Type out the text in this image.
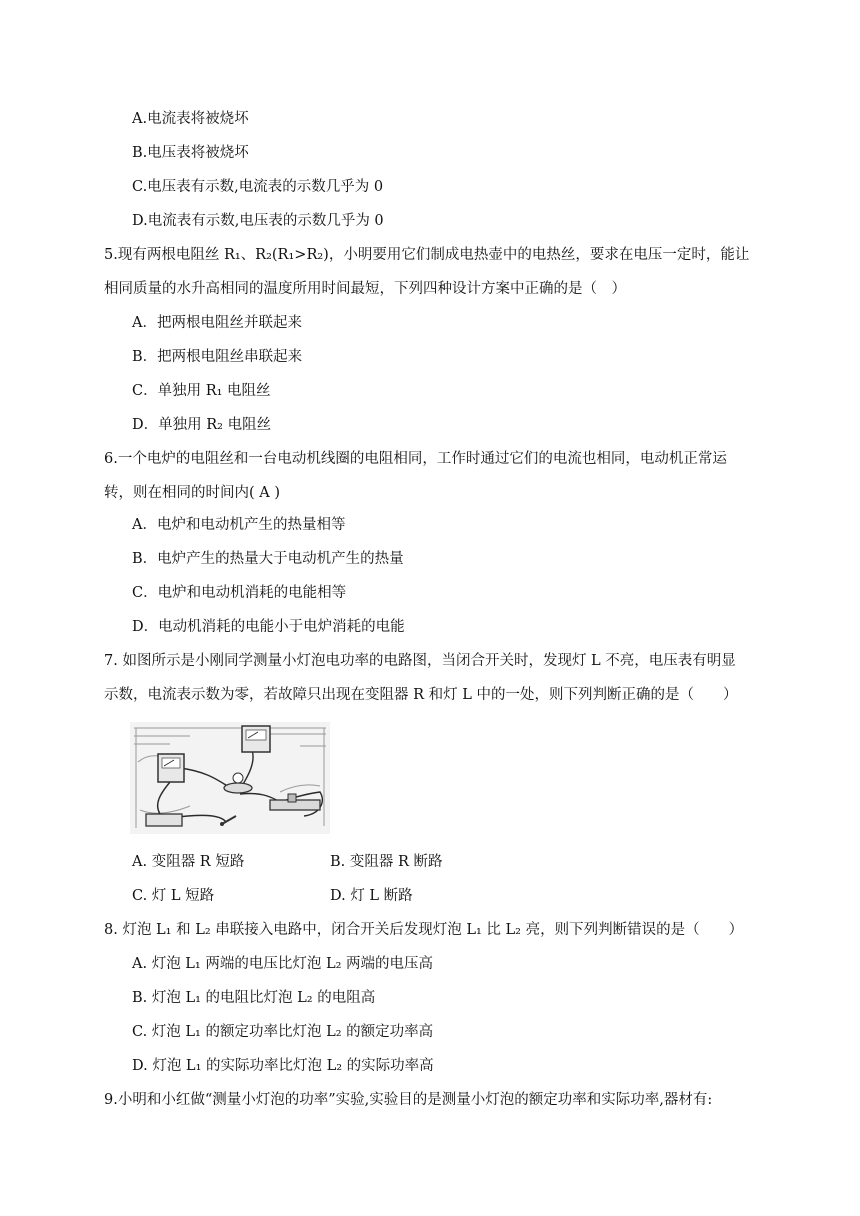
A.电流表将被烧坏
B.电压表将被烧坏
C.电压表有示数,电流表的示数几乎为 0
D.电流表有示数,电压表的示数几乎为 0
5.现有两根电阻丝 R₁、R₂(R₁>R₂)，小明要用它们制成电热壶中的电热丝，要求在电压一定时，能让
相同质量的水升高相同的温度所用时间最短，下列四种设计方案中正确的是（　）
A．把两根电阻丝并联起来
B．把两根电阻丝串联起来
C．单独用 R₁ 电阻丝
D．单独用 R₂ 电阻丝
6.一个电炉的电阻丝和一台电动机线圈的电阻相同，工作时通过它们的电流也相同，电动机正常运
转，则在相同的时间内( A )
A．电炉和电动机产生的热量相等
B．电炉产生的热量大于电动机产生的热量
C．电炉和电动机消耗的电能相等
D．电动机消耗的电能小于电炉消耗的电能
7. 如图所示是小刚同学测量小灯泡电功率的电路图，当闭合开关时，发现灯 L 不亮，电压表有明显
示数，电流表示数为零，若故障只出现在变阻器 R 和灯 L 中的一处，则下列判断正确的是（　　）
A. 变阻器 R 短路	B. 变阻器 R 断路
C. 灯 L 短路	D. 灯 L 断路
8. 灯泡 L₁ 和 L₂ 串联接入电路中，闭合开关后发现灯泡 L₁ 比 L₂ 亮，则下列判断错误的是（　　）
A. 灯泡 L₁ 两端的电压比灯泡 L₂ 两端的电压高
B. 灯泡 L₁ 的电阻比灯泡 L₂ 的电阻高
C. 灯泡 L₁ 的额定功率比灯泡 L₂ 的额定功率高
D. 灯泡 L₁ 的实际功率比灯泡 L₂ 的实际功率高
9.小明和小红做“测量小灯泡的功率”实验,实验目的是测量小灯泡的额定功率和实际功率,器材有:
